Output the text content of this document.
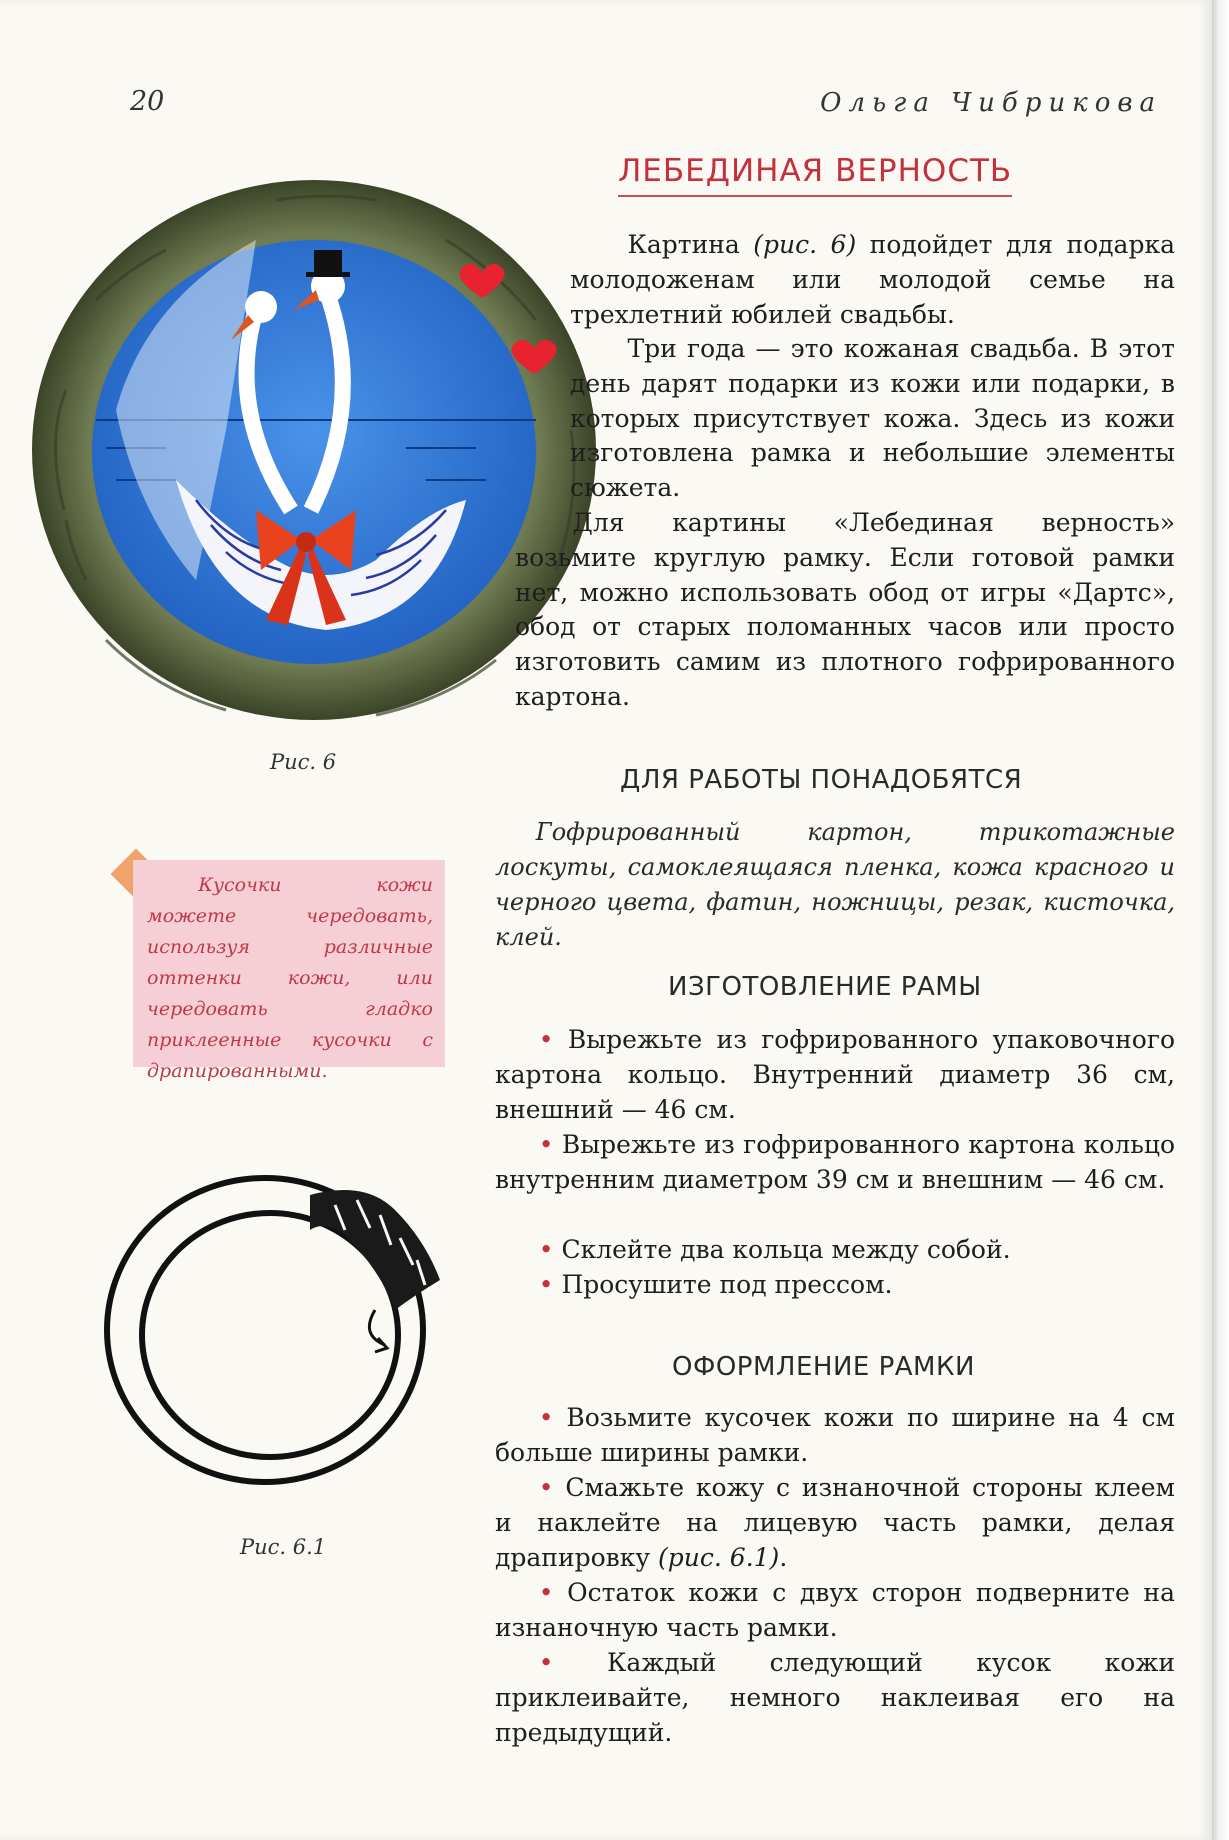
20	Ольга Чибрикова
Рис. 6
ЛЕБЕДИНАЯ ВЕРНОСТЬ

Картина (рис. 6) подойдет для подарка молодоженам или молодой семье на трехлетний юбилей свадьбы.

Три года — это кожаная свадьба. В этот день дарят подарки из кожи или подарки, в которых присутствует кожа. Здесь из кожи изготовлена рамка и небольшие элементы сюжета.

Для картины «Лебединая верность» возьмите круглую рамку. Если готовой рамки нет, можно использовать обод от игры «Дартс», обод от старых поломанных часов или просто изготовить самим из плотного гофрированного картона.

ДЛЯ РАБОТЫ ПОНАДОБЯТСЯ

Гофрированный картон, трикотажные лоскуты, самоклеящаяся пленка, кожа красного и черного цвета, фатин, ножницы, резак, кисточка, клей.

Кусочки кожи можете чередовать, используя различные оттенки кожи, или чередовать гладко приклеенные кусочки с драпированными.

ИЗГОТОВЛЕНИЕ РАМЫ

• Вырежьте из гофрированного упаковочного картона кольцо. Внутренний диаметр 36 см, внешний — 46 см.

• Вырежьте из гофрированного картона кольцо внутренним диаметром 39 см и внешним — 46 см.

• Склейте два кольца между собой.

• Просушите под прессом.

Рис. 6.1
ОФОРМЛЕНИЕ РАМКИ

• Возьмите кусочек кожи по ширине на 4 см больше ширины рамки.

• Смажьте кожу с изнаночной стороны клеем и наклейте на лицевую часть рамки, делая драпировку (рис. 6.1).

• Остаток кожи с двух сторон подверните на изнаночную часть рамки.

• Каждый следующий кусок кожи приклеивайте, немного наклеивая его на предыдущий.
